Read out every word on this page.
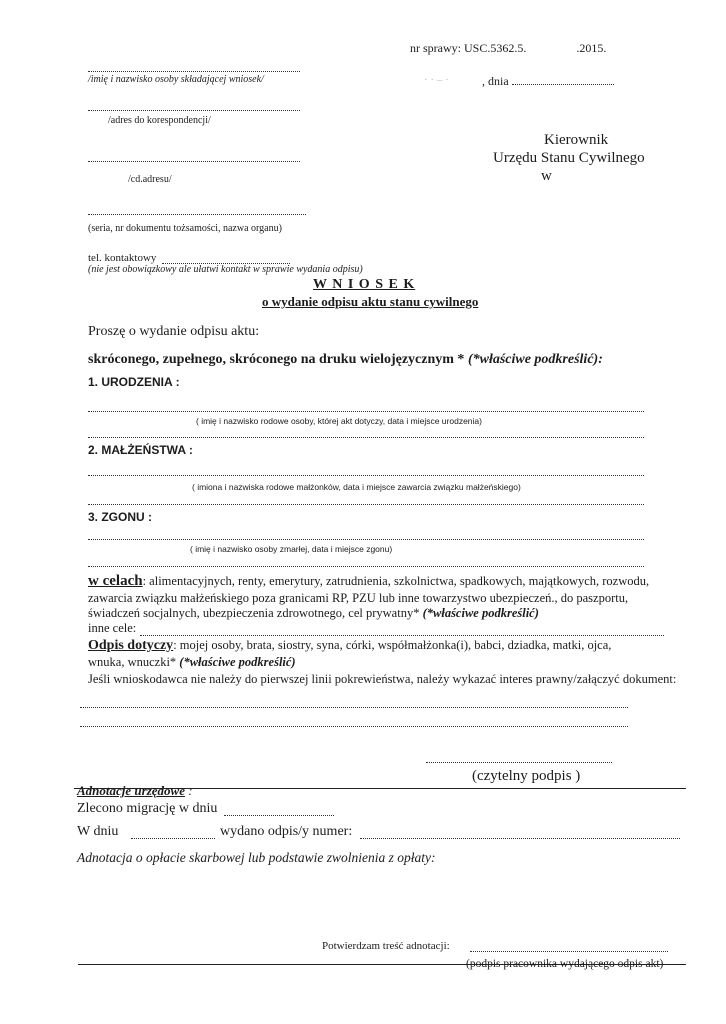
nr sprawy: USC.5362.5.	.2015.
/imię i nazwisko osoby składającej wniosek/	· · – ·	, dnia
/adres do korespondencji/
Kierownik
Urzędu Stanu Cywilnego
w
/cd.adresu/
(seria, nr dokumentu tożsamości, nazwa organu)
tel. kontaktowy
(nie jest obowiązkowy ale ułatwi kontakt w sprawie wydania odpisu)
W N I O S E K
o wydanie odpisu aktu stanu cywilnego
Proszę o wydanie odpisu aktu:
skróconego, zupełnego, skróconego na druku wielojęzycznym * (*właściwe podkreślić):
1. URODZENIA :
( imię i nazwisko rodowe osoby, której akt dotyczy, data i miejsce urodzenia)
2. MAŁŻEŃSTWA :
( imiona i nazwiska rodowe małżonków, data i miejsce zawarcia związku małżeńskiego)
3. ZGONU :
( imię i nazwisko osoby zmarłej, data i miejsce zgonu)
w celach: alimentacyjnych, renty, emerytury, zatrudnienia, szkolnictwa, spadkowych, majątkowych, rozwodu,
zawarcia związku małżeńskiego poza granicami RP, PZU lub inne towarzystwo ubezpieczeń., do paszportu,
świadczeń socjalnych, ubezpieczenia zdrowotnego, cel prywatny* (*właściwe podkreślić)
inne cele:
Odpis dotyczy: mojej osoby, brata, siostry, syna, córki, współmałżonka(i), babci, dziadka, matki, ojca,
wnuka, wnuczki* (*właściwe podkreślić)
Jeśli wnioskodawca nie należy do pierwszej linii pokrewieństwa, należy wykazać interes prawny/załączyć dokument:
(czytelny podpis )
Adnotacje urzędowe :
Zlecono migrację w dniu
W dniu	wydano odpis/y numer:
Adnotacja o opłacie skarbowej lub podstawie zwolnienia z opłaty:
Potwierdzam treść adnotacji:
(podpis pracownika wydającego odpis akt)
